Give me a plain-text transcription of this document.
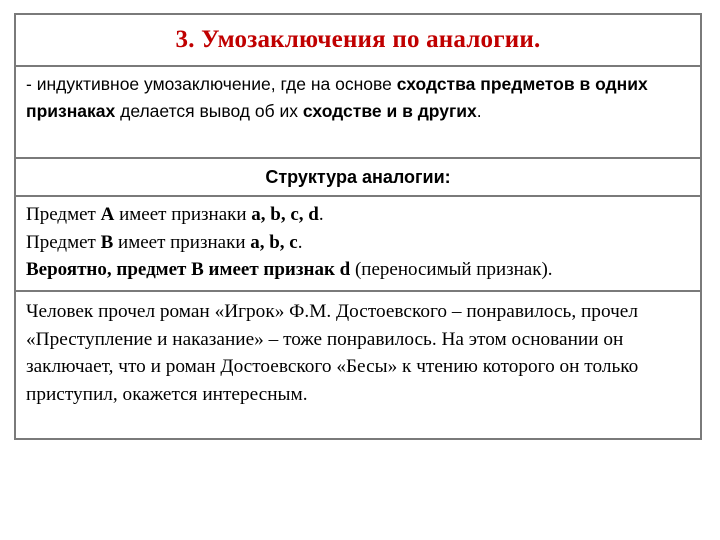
3. Умозаключения по аналогии.
- индуктивное умозаключение, где на основе сходства предметов в одних признаках делается вывод об их сходстве и в других.
Структура аналогии:
Предмет А имеет признаки a, b, c, d.
Предмет В имеет признаки a, b, c.
Вероятно, предмет В имеет признак d (переносимый признак).
Человек прочел роман «Игрок» Ф.М. Достоевского – понравилось, прочел «Преступление и наказание» – тоже понравилось. На этом основании он заключает, что и роман Достоевского «Бесы» к чтению которого он только приступил, окажется интересным.
